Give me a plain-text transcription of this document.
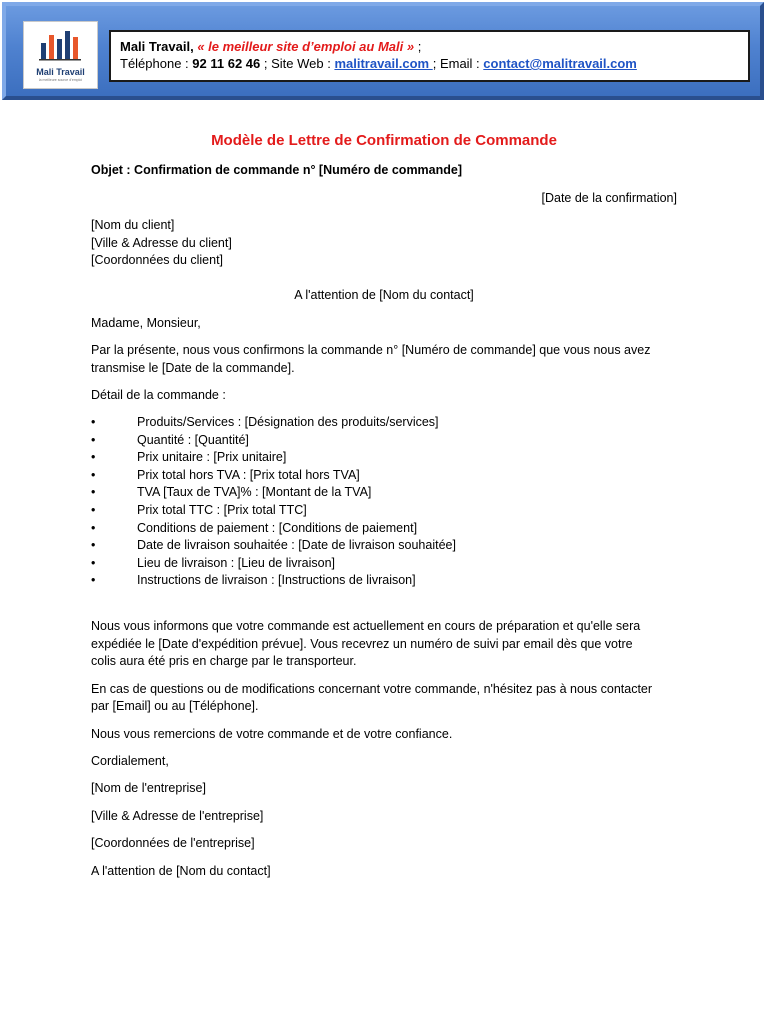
Mali Travail
la meilleure source d'emploi
Mali Travail, « le meilleur site d’emploi au Mali » ;
Téléphone : 92 11 62 46 ; Site Web : malitravail.com ; Email : contact@malitravail.com
Modèle de Lettre de Confirmation de Commande

Objet : Confirmation de commande n° [Numéro de commande]

[Date de la confirmation]

[Nom du client]

[Ville & Adresse du client]

[Coordonnées du client]

A l'attention de [Nom du contact]

Madame, Monsieur,

Par la présente, nous vous confirmons la commande n° [Numéro de commande] que vous nous avez

transmise le [Date de la commande].

Détail de la commande :

•	Produits/Services : [Désignation des produits/services]
•	Quantité : [Quantité]
•	Prix unitaire : [Prix unitaire]
•	Prix total hors TVA : [Prix total hors TVA]
•	TVA [Taux de TVA]% : [Montant de la TVA]
•	Prix total TTC : [Prix total TTC]
•	Conditions de paiement : [Conditions de paiement]
•	Date de livraison souhaitée : [Date de livraison souhaitée]
•	Lieu de livraison : [Lieu de livraison]
•	Instructions de livraison : [Instructions de livraison]

Nous vous informons que votre commande est actuellement en cours de préparation et qu'elle sera

expédiée le [Date d'expédition prévue]. Vous recevrez un numéro de suivi par email dès que votre

colis aura été pris en charge par le transporteur.

En cas de questions ou de modifications concernant votre commande, n'hésitez pas à nous contacter

par [Email] ou au [Téléphone].

Nous vous remercions de votre commande et de votre confiance.

Cordialement,

[Nom de l'entreprise]

[Ville & Adresse de l'entreprise]

[Coordonnées de l'entreprise]

A l'attention de [Nom du contact]
